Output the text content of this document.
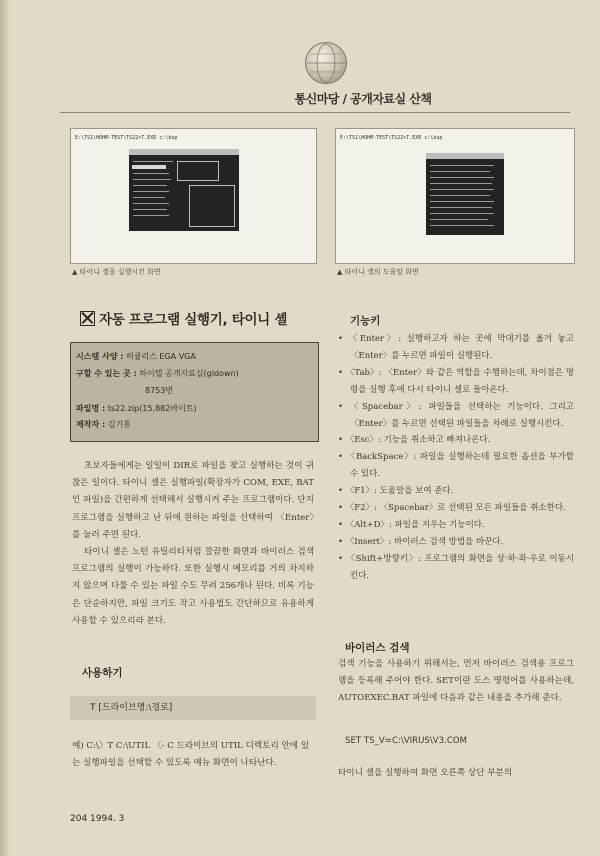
통신마당 / 공개자료실 산책
E:\TS1\HOHM-TEST\TS22>T.EXE c:\bup
▲ 타이니 셸을 실행시킨 화면
E:\TS1\HOHM-TEST\TS22>T.EXE c:\bup
▲ 타이니 셸의 도움말 화면
자동 프로그램 실행기, 타이니 셸
시스템 사양 : 허큘리스 EGA VGA
구할 수 있는 곳 : 하이텔 공개자료실(gldown)
8753번
파일명 : ts22.zip(15,882바이트)
제작자 : 김기흥
초보자들에게는 일일이 DIR로 파일을 찾고 실행하는 것이 귀찮은 일이다. 타이니 셸은 실행파일(확장자가 COM, EXE, BAT인 파일)을 간편하게 선택해서 실행시켜 주는 프로그램이다. 단지 프로그램을 실행하고 난 뒤에 원하는 파일을 선택하여 〈Enter〉를 눌러 주면 된다.
타이니 셸은 노턴 유틸리티처럼 깔끔한 화면과 바이러스 검색 프로그램의 실행이 가능하다. 또한 실행시 메모리를 거의 차지하지 않으며 다룰 수 있는 파일 수도 무려 256개나 된다. 비록 기능은 단순하지만, 파일 크기도 작고 사용법도 간단하므로 유용하게 사용할 수 있으리라 본다.
사용하기
T [드라이브명:\경로]
예) C:\〉T C:\UTIL 〈- C 드라이브의 UTIL 디렉토리 안에 있는 실행파일을 선택할 수 있도록 메뉴 화면이 나타난다.
기능키
• 〈Enter〉: 실행하고자 하는 곳에 막대기를 옮겨 놓고 〈Enter〉를 누르면 파일이 실행된다.
• 〈Tab〉: 〈Enter〉와 같은 역할을 수행하는데, 차이점은 명령을 실행 후에 다시 타이니 셸로 돌아온다.
• 〈Spacebar〉: 파일들을 선택하는 기능이다. 그리고 〈Enter〉를 누르면 선택된 파일들을 차례로 실행시킨다.
• 〈Esc〉: 기능을 취소하고 빠져나온다.
• 〈BackSpace〉: 파일을 실행하는데 필요한 옵션을 부가할 수 있다.
• 〈F1〉: 도움말을 보여 준다.
• 〈F2〉: 〈Spacebar〉로 선택된 모든 파일들을 취소한다.
• 〈Alt+D〉: 파일을 지우는 기능이다.
• 〈Insert〉: 바이러스 검색 방법을 바꾼다.
• 〈Shift+방향키〉: 프로그램의 화면을 상·하·좌·우로 이동시킨다.
바이러스 검색
검색 기능을 사용하기 위해서는, 먼저 바이러스 검색용 프로그램을 등록해 주어야 한다. SET이란 도스 명령어를 사용하는데, AUTOEXEC.BAT 파일에 다음과 같은 내용을 추가해 준다.
SET TS_V=C:\VIRUS\V3.COM
타이니 셸을 실행하여 화면 오른쪽 상단 부분의
204 1994. 3
